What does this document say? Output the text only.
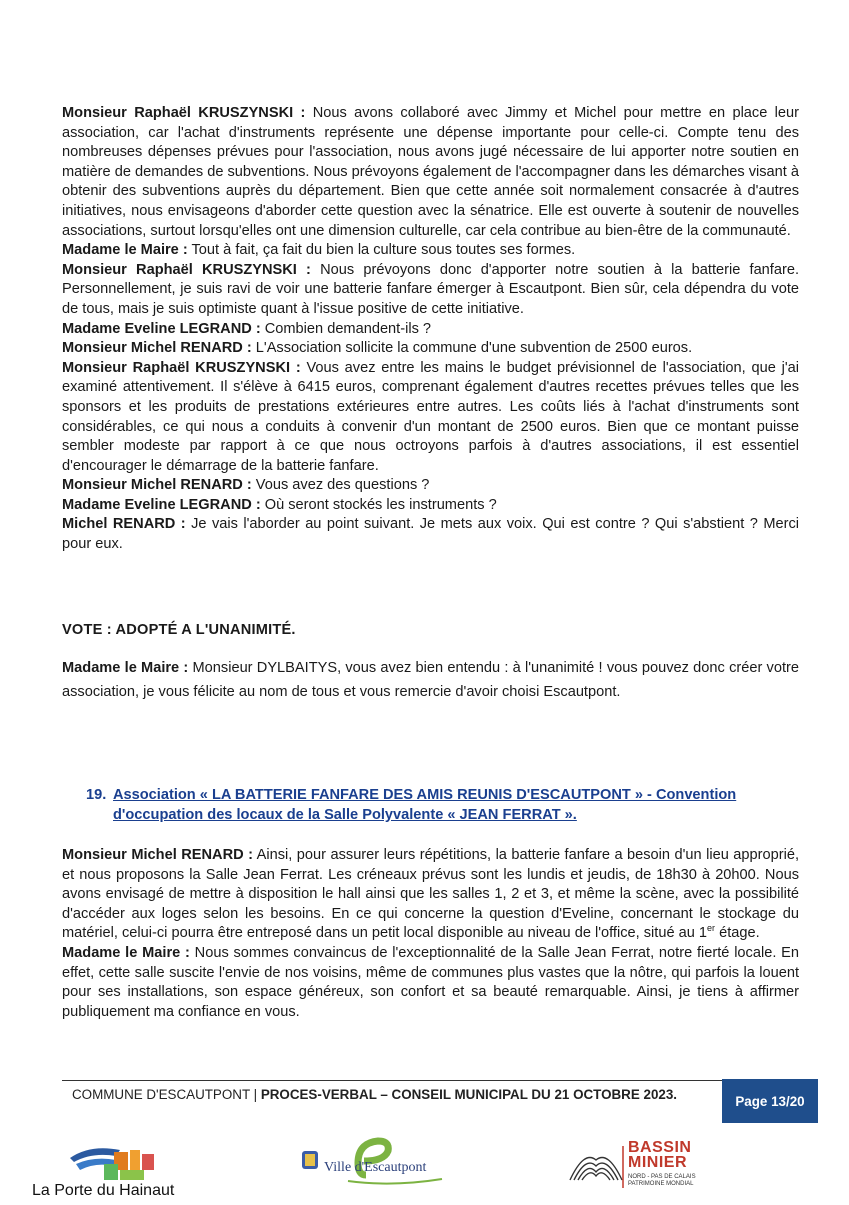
Monsieur Raphaël KRUSZYNSKI : Nous avons collaboré avec Jimmy et Michel pour mettre en place leur association, car l'achat d'instruments représente une dépense importante pour celle-ci. Compte tenu des nombreuses dépenses prévues pour l'association, nous avons jugé nécessaire de lui apporter notre soutien en matière de demandes de subventions. Nous prévoyons également de l'accompagner dans les démarches visant à obtenir des subventions auprès du département. Bien que cette année soit normalement consacrée à d'autres initiatives, nous envisageons d'aborder cette question avec la sénatrice. Elle est ouverte à soutenir de nouvelles associations, surtout lorsqu'elles ont une dimension culturelle, car cela contribue au bien-être de la communauté.

Madame le Maire : Tout à fait, ça fait du bien la culture sous toutes ses formes.

Monsieur Raphaël KRUSZYNSKI : Nous prévoyons donc d'apporter notre soutien à la batterie fanfare. Personnellement, je suis ravi de voir une batterie fanfare émerger à Escautpont. Bien sûr, cela dépendra du vote de tous, mais je suis optimiste quant à l'issue positive de cette initiative.

Madame Eveline LEGRAND : Combien demandent-ils ?

Monsieur Michel RENARD : L'Association sollicite la commune d'une subvention de 2500 euros.

Monsieur Raphaël KRUSZYNSKI : Vous avez entre les mains le budget prévisionnel de l'association, que j'ai examiné attentivement. Il s'élève à 6415 euros, comprenant également d'autres recettes prévues telles que les sponsors et les produits de prestations extérieures entre autres. Les coûts liés à l'achat d'instruments sont considérables, ce qui nous a conduits à convenir d'un montant de 2500 euros. Bien que ce montant puisse sembler modeste par rapport à ce que nous octroyons parfois à d'autres associations, il est essentiel d'encourager le démarrage de la batterie fanfare.

Monsieur Michel RENARD : Vous avez des questions ?

Madame Eveline LEGRAND : Où seront stockés les instruments ?

Michel RENARD : Je vais l'aborder au point suivant. Je mets aux voix. Qui est contre ? Qui s'abstient ? Merci pour eux.

VOTE : ADOPTÉ A L'UNANIMITÉ.

Madame le Maire : Monsieur DYLBAITYS, vous avez bien entendu : à l'unanimité ! vous pouvez donc créer votre association, je vous félicite au nom de tous et vous remercie d'avoir choisi Escautpont.

19. Association « LA BATTERIE FANFARE DES AMIS REUNIS D'ESCAUTPONT » - Convention
d'occupation des locaux de la Salle Polyvalente « JEAN FERRAT ».

Monsieur Michel RENARD : Ainsi, pour assurer leurs répétitions, la batterie fanfare a besoin d'un lieu approprié, et nous proposons la Salle Jean Ferrat. Les créneaux prévus sont les lundis et jeudis, de 18h30 à 20h00. Nous avons envisagé de mettre à disposition le hall ainsi que les salles 1, 2 et 3, et même la scène, avec la possibilité d'accéder aux loges selon les besoins. En ce qui concerne la question d'Eveline, concernant le stockage du matériel, celui-ci pourra être entreposé dans un petit local disponible au niveau de l'office, situé au 1er étage.

Madame le Maire : Nous sommes convaincus de l'exceptionnalité de la Salle Jean Ferrat, notre fierté locale. En effet, cette salle suscite l'envie de nos voisins, même de communes plus vastes que la nôtre, qui parfois la louent pour ses installations, son espace généreux, son confort et sa beauté remarquable. Ainsi, je tiens à affirmer publiquement ma confiance en vous.

COMMUNE D'ESCAUTPONT | PROCES-VERBAL – CONSEIL MUNICIPAL DU 21 OCTOBRE 2023.	Page 13/20
La Porte du Hainaut
Ville d'Escautpont
BASSIN
MINIER
NORD - PAS DE CALAIS
PATRIMOINE MONDIAL
